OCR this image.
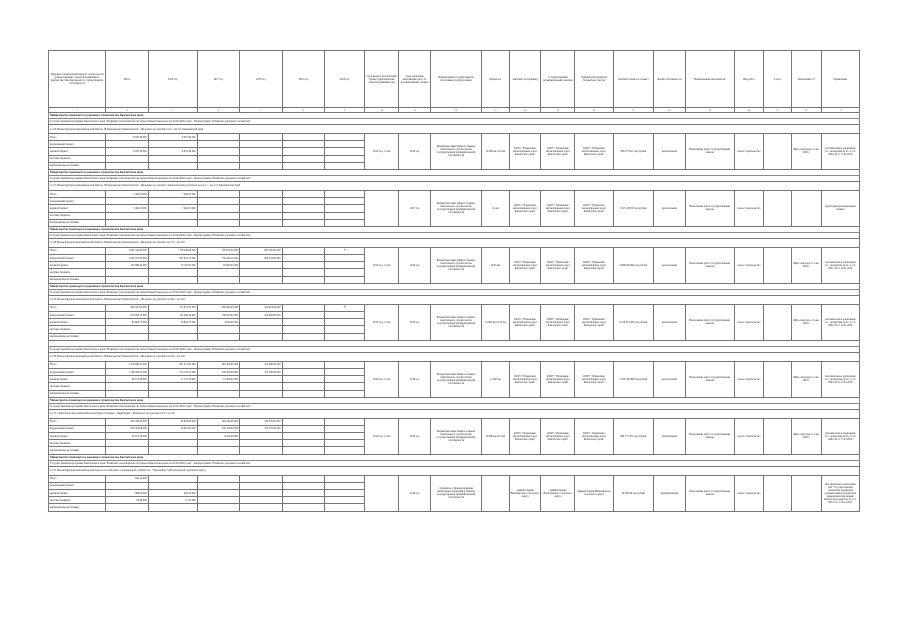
Перечень объектов капитального строительства (реконструкции), объектов недвижимого имущества, приобретаемых в государственную собственность	Итого	2016 год	2017 год	2018 год	2019 год	2020 год	Срок ввода в эксплуатацию объекта (приобретения объекта недвижимости)	Срок окончания выполнения работ по проектированию объекта	Наименование государственной программы (подпрограммы)	Мощность	Заказчик (застройщик)	Государственный (муниципальный) заказчик	Главный распорядитель бюджетных средств	Сметная стоимость объекта	Форма собственности	Наименование исполнителя	Вид работ	Статус	Заключение ГЭ	Примечание
1	4	5	6	7	8	9	10	11	12	13	14	15	16	17	18	19	20	21	22	2
Министерство транспорта и дорожного строительства Камчатского края																				
Государственная программа Камчатского края "Развитие транспортной системы в Камчатском крае на 2014-2020 годы". Подпрограмма "Развитие дорожного хозяйства"																				
11.26 Реконструкция автомобильной дороги Петропавловск-Камчатский - Мильково на участке км 0 - км 10, Камчатский край																				
Итого	9 655,39 000	9 655,39 000					2016 год, 1 этап	2016 год	Бюджетные инвестиции в объекты капитального строительства государственной (муниципальной) собственности	15,000 км 10,0 км	КГКУ "Управление автомобильных дорог Камчатского края"	КГКУ "Управление автомобильных дорог Камчатского края"	КГКУ "Управление автомобильных дорог Камчатского края"	386 475,911 тыс.рублей	региональная	Выполнение работ государственным заказом	новое строительство		ФДА «Автодор» 1-я кв. 2016 г.	положительное заключение гос. экспертизы № 41-1-1-3-0004-16 от 17.02.2016
федеральный бюджет																				
краевой бюджет	9 655,39 000	9 655,39 000																		
местные бюджеты																				
внебюджетные источники																				
Министерство транспорта и дорожного строительства Камчатского края																				
Государственная программа Камчатского края "Развитие транспортной системы в Камчатском крае на 2014-2020 годы". Подпрограмма "Развитие дорожного хозяйства"																				
11.27 Реконструкция автомобильной дороги Петропавловск-Камчатский - Мильково на участке строительства (участок на км 11 - км 27), Камчатский край																				
Итого	7 492,05 000	7 492,05 000						2017 год	Бюджетные инвестиции в объекты капитального строительства государственной (муниципальной) собственности	5,4 км	КГКУ "Управление автомобильных дорог Камчатского края"	КГКУ "Управление автомобильных дорог Камчатского края"	КГКУ "Управление автомобильных дорог Камчатского края"	2 021 108,79 тыс.рублей	региональная	Выполнение работ государственным заказом	новое строительство			подготовка проектирования объекта
федеральный бюджет																				
краевой бюджет	7 492,05 000	7 492,05 000																		
местные бюджеты																				
внебюджетные источники																				
Министерство транспорта и дорожного строительства Камчатского края																				
Государственная программа Камчатского края "Развитие транспортной системы в Камчатском крае на 2014-2020 годы". Подпрограмма "Развитие дорожного хозяйства"																				
11.28 Реконструкция автомобильной дороги Петропавловск-Камчатский - Мильково на участке км 171 - км 181																				
Итого	1 802 345,65 000	278 449,60 000	520 670,20 000	695 526,00 000		*	2018 год, 1 этап	2016 год	Бюджетные инвестиции в объекты капитального строительства государственной (муниципальной) собственности	10,95 км	КГКУ "Управление автомобильных дорог Камчатского края"	КГКУ "Управление автомобильных дорог Камчатского края"	КГКУ "Управление автомобильных дорог Камчатского края"	4 368 464,094 тыс.рублей	региональная	Выполнение работ государственным заказом	новое строительство		ФДА «Автодор» 1-я кв. 2016 г.	положительное заключение гос. экспертизы № 41-1-1-3-0001-16 от 14.01.2016
федеральный бюджет	1 658 473,25 000	203 914,55 000	756 440,15 000	698 118,00 000																
краевой бюджет	143 889,40 000	74 135,05 000	64 690,00 000																	
местные бюджеты																				
внебюджетные источники																				
Министерство транспорта и дорожного строительства Камчатского края																				
Государственная программа Камчатского края "Развитие транспортной системы в Камчатском крае на 2014-2020 годы". Подпрограмма "Развитие дорожного хозяйства"																				
11.29 Реконструкция автомобильной дороги Петропавловск-Камчатский - Мильково на участке км 204 - км 219																				
Итого	999 597,93 000	515 875,83 000	260 000,00 000	223 624,00 000		*	2018 год, 1 этап	2016 год	Бюджетные инвестиции в объекты капитального строительства государственной (муниципальной) собственности	12,903 км 16,25 км	КГКУ "Управление автомобильных дорог Камчатского края"	КГКУ "Управление автомобильных дорог Камчатского края"	КГКУ "Управление автомобильных дорог Камчатского края"	6 106 013,284 тыс.рублей	региональная	Выполнение работ государственным заказом	новое строительство		ФДА «Автодор» 1-я кв. 2016 г.	положительное заключение гос. экспертизы № 41-1-1-3-0002-16 от 14.01.2016
федеральный бюджет	916 893,19 000	514 064,19 000	180 000,00 000	222 829,00 000																
краевой бюджет	82 664,73 000	76 664,73 000	4 000,00 000																	
местные бюджеты																				
внебюджетные источники																				

Государственная программа Камчатского края "Развитие транспортной системы в Камчатском крае на 2014-2020 годы". Подпрограмма "Развитие дорожного хозяйства"																				
11.30 Реконструкция автомобильной дороги Петропавловск-Камчатский - Мильково на участке км 220 - км 240																				
Итого	1 259 983,31 000	297 313,95 000	463 100,00 000	473 600,00 000			2018 год, 1 этап	2016 год	Бюджетные инвестиции в объекты капитального строительства государственной (муниципальной) собственности	11,995 км	КГКУ "Управление автомобильных дорог Камчатского края"	КГКУ "Управление автомобильных дорог Камчатского края"	КГКУ "Управление автомобильных дорог Камчатского края"	5 169 740,498 тыс.рублей	региональная	Выполнение работ государственным заказом	новое строительство		ФДА «Автодор» 1-я кв. 2016 г.	положительное заключение гос. экспертизы № 41-1-1-3-0003-16 от 27.01.2016
федеральный бюджет	1 169 466,25 000	276 176,25 000	256 200,00 000	573 300,00 000																
краевой бюджет	80 917,06 000	71 137,29 000	14 300,00 000																	
местные бюджеты																				
внебюджетные источники																				
Министерство транспорта и дорожного строительства Камчатского края																				
Государственная программа Камчатского края "Развитие транспортной системы в Камчатском крае на 2014-2020 годы". Подпрограмма "Развитие дорожного хозяйства"																				
11.31 Строительство автомобильной дороги Елизово - Паратунка - Вилючинск на участке км 0 - км 18																				
Итого	848 356,49 000	46 643,99 000	264 344,00 000	534 370,00 000			2018 год, 1 этап	2016 год	Бюджетные инвестиции в объекты капитального строительства государственной (муниципальной) собственности	13,089 км 20,5 км	КГКУ "Управление автомобильных дорог Камчатского края"	КГКУ "Управление автомобильных дорог Камчатского края"	КГКУ "Управление автомобильных дорог Камчатского края"	969 775,471 тыс.рублей	региональная	Выполнение работ государственным заказом	новое строительство		ФДА «Автодор» 1-я кв. 2016 г.	положительное заключение гос. экспертизы № 41-1-1-3-0005-16 от 17.03.2016
федеральный бюджет	819 565,08 000	26 619 84 000	258 100,00 000	534 370,00 000																
краевой бюджет	28 851,28 000		6 244,00 000																	
местные бюджеты																				
внебюджетные источники																				
Министерство транспорта и дорожного строительства Камчатского края																				
Государственная программа Камчатского края "Развитие транспортной системы в Камчатском крае на 2014-2020 годы". Подпрограмма "Развитие дорожного хозяйства"																				
11.32 Реконструкция автомобильной дороги на подъезде к центральной усадьбе пос. "Заповедник" (Вилючинский городской округ)																				
Итого	944,12 000							2016 год	субсидия на софинансирование капитальных вложений в объекты государственной (муниципальной) собственности		администрация Вилючинского городского округа	администрация Вилючинского городского округа	администрация Вилючинского городского округа	24 300,00 тыс.рублей	муниципальная	Выполнение работ государственным заказом	новое строительство			Положительное заключение ГАУ "Государственная экспертиза проектной документации и результатов инженерных изысканий Камчатского края" № 41-1-5-0033-15 от 29.12.2015
федеральный бюджет																				
краевой бюджет	880,63 000	644,19 000																		
местные бюджеты	63,49 000	17,35 000																		
внебюджетные источники																				
